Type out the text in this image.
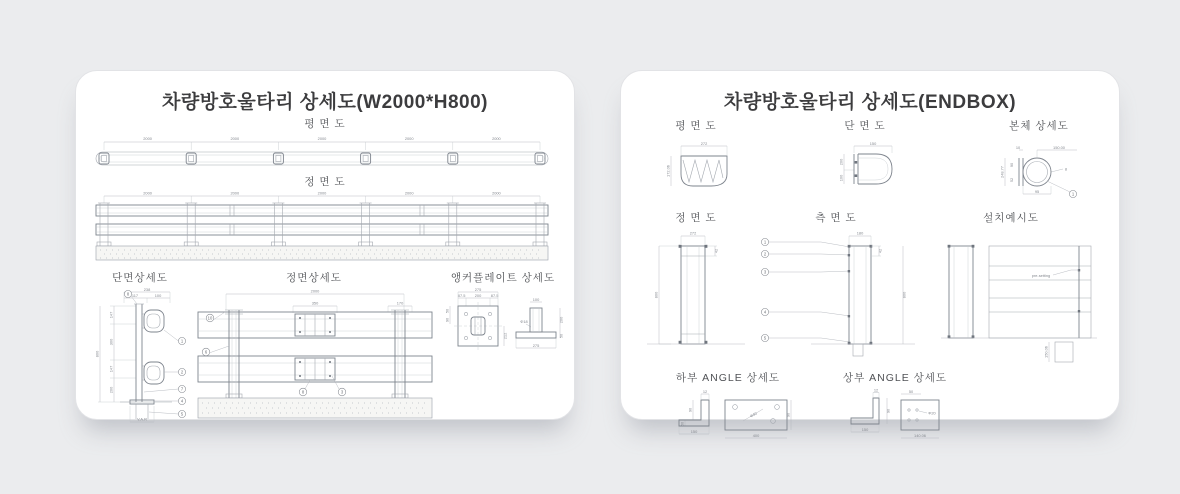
차량방호울타리 상세도(W2000*H800)
평 면 도
2000	2000	2000	2000	2000
정 면 도
2000	2000	2000	2000	2000
단면상세도
238
117	100
147
300
147
200
800
V.A.R
8
1
2
7
4
5
정면상세도
2000
350	170
10
6
8	3
앵커플레이트 상세도
275
87.5 200 87.5
50
90
212
100
Φ18	200
50
275
차량방호울타리 상세도(ENDBOX)
평 면 도
272
172.06
단 면 도
150
200
100
본체 상세도
10	150.00
248.77
90
52
95
8
1
정 면 도
272
42
800
측 면 도
1
2
3
4
5
180
42
800
설치예시도
pre-setting
150.06
하부 ANGLE 상세도
12
90
50
150
Φ40
400
90
상부 ANGLE 상세도
12
90
150
50
Φ20
140.06
